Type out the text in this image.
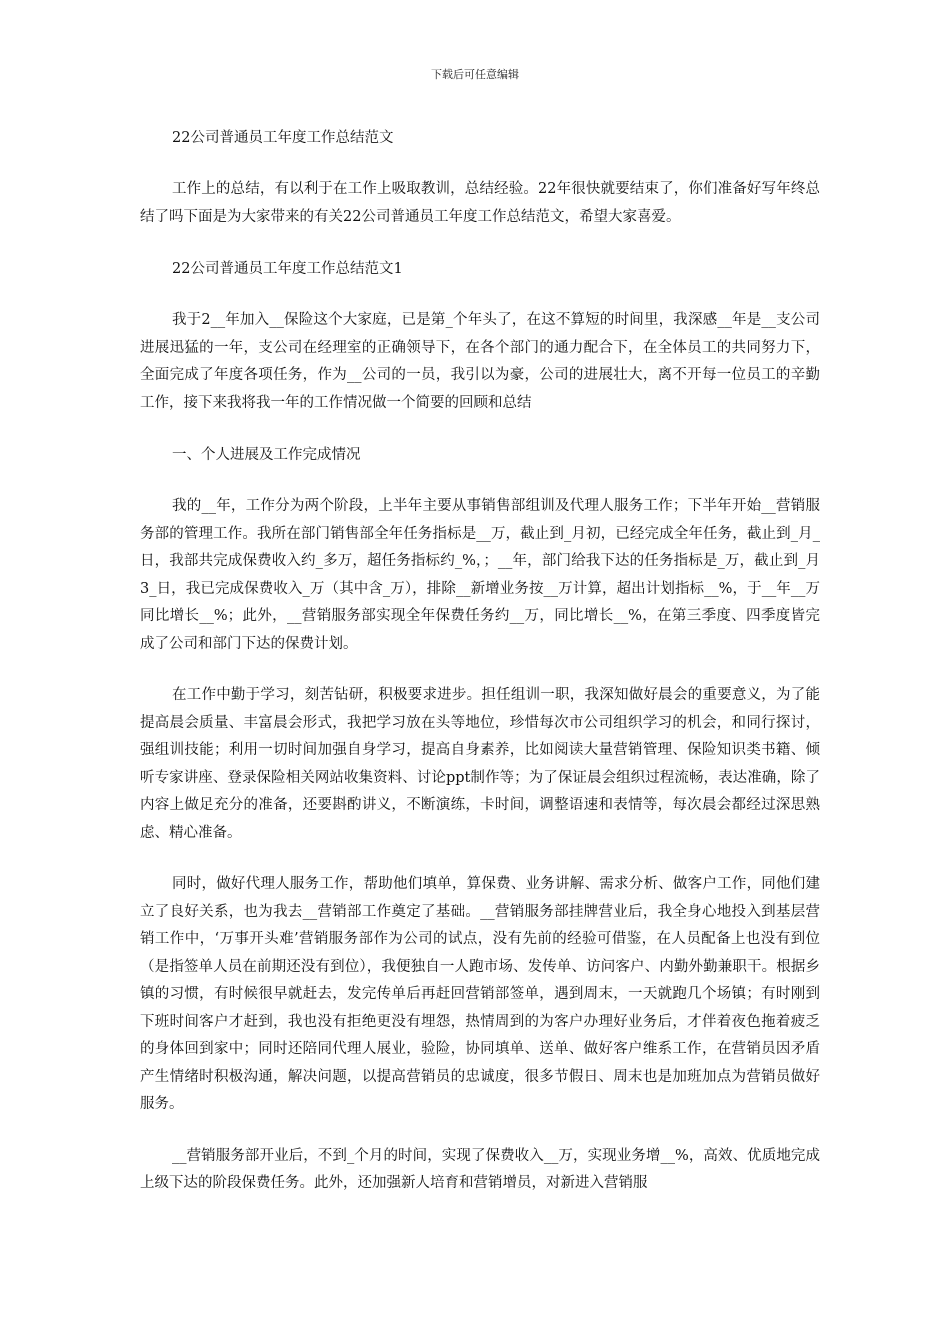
下载后可任意编辑
22公司普通员工年度工作总结范文

工作上的总结，有以利于在工作上吸取教训，总结经验。22年很快就要结束了，你们准备好写年终总结了吗下面是为大家带来的有关22公司普通员工年度工作总结范文，希望大家喜爱。

22公司普通员工年度工作总结范文1

我于2__年加入__保险这个大家庭，已是第_个年头了，在这不算短的时间里，我深感__年是__支公司进展迅猛的一年，支公司在经理室的正确领导下，在各个部门的通力配合下，在全体员工的共同努力下，全面完成了年度各项任务，作为__公司的一员，我引以为豪，公司的进展壮大，离不开每一位员工的辛勤工作，接下来我将我一年的工作情况做一个简要的回顾和总结

一、个人进展及工作完成情况

我的__年，工作分为两个阶段，上半年主要从事销售部组训及代理人服务工作；下半年开始__营销服务部的管理工作。我所在部门销售部全年任务指标是__万，截止到_月初，已经完成全年任务，截止到_月_日，我部共完成保费收入约_多万，超任务指标约_%，；__年，部门给我下达的任务指标是_万，截止到_月3_日，我已完成保费收入_万（其中含_万），排除__新增业务按__万计算，超出计划指标__%，于__年__万同比增长__%；此外，__营销服务部实现全年保费任务约__万，同比增长__%，在第三季度、四季度皆完成了公司和部门下达的保费计划。

在工作中勤于学习，刻苦钻研，积极要求进步。担任组训一职，我深知做好晨会的重要意义，为了能提高晨会质量、丰富晨会形式，我把学习放在头等地位，珍惜每次市公司组织学习的机会，和同行探讨，强组训技能；利用一切时间加强自身学习，提高自身素养，比如阅读大量营销管理、保险知识类书籍、倾听专家讲座、登录保险相关网站收集资料、讨论ppt制作等；为了保证晨会组织过程流畅，表达准确，除了内容上做足充分的准备，还要斟酌讲义，不断演练，卡时间，调整语速和表情等，每次晨会都经过深思熟虑、精心准备。

同时，做好代理人服务工作，帮助他们填单，算保费、业务讲解、需求分析、做客户工作，同他们建立了良好关系，也为我去__营销部工作奠定了基础。__营销服务部挂牌营业后，我全身心地投入到基层营销工作中，‘万事开头难’营销服务部作为公司的试点，没有先前的经验可借鉴，在人员配备上也没有到位（是指签单人员在前期还没有到位），我便独自一人跑市场、发传单、访问客户、内勤外勤兼职干。根据乡镇的习惯，有时候很早就赶去，发完传单后再赶回营销部签单，遇到周末，一天就跑几个场镇；有时刚到下班时间客户才赶到，我也没有拒绝更没有埋怨，热情周到的为客户办理好业务后，才伴着夜色拖着疲乏的身体回到家中；同时还陪同代理人展业，验险，协同填单、送单、做好客户维系工作，在营销员因矛盾产生情绪时积极沟通，解决问题，以提高营销员的忠诚度，很多节假日、周末也是加班加点为营销员做好服务。

__营销服务部开业后，不到_个月的时间，实现了保费收入__万，实现业务增__%，高效、优质地完成上级下达的阶段保费任务。此外，还加强新人培育和营销增员，对新进入营销服
